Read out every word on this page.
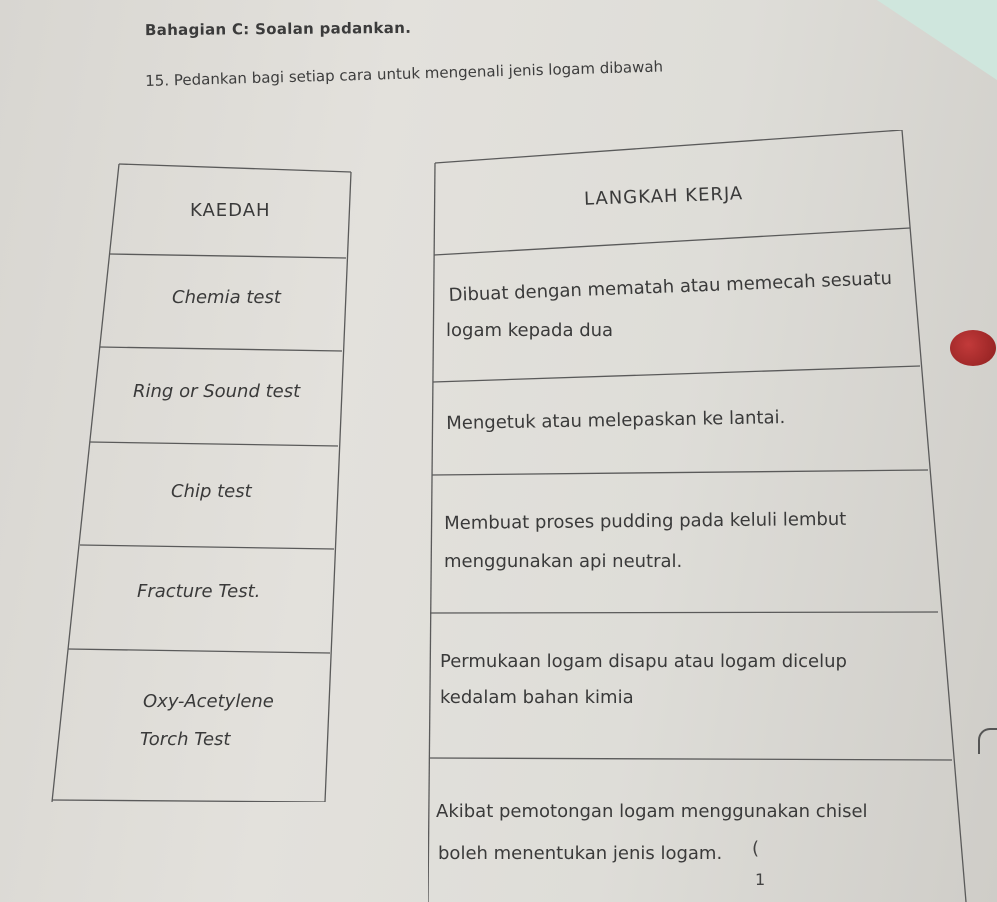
Bahagian C: Soalan padankan.
15. Pedankan bagi setiap cara untuk mengenali jenis logam dibawah
KAEDAH
Chemia test
Ring or Sound test
Chip test
Fracture Test.
Oxy-Acetylene
Torch Test
LANGKAH KERJA
Dibuat dengan mematah atau memecah sesuatu
logam kepada dua
Mengetuk atau melepaskan ke lantai.
Membuat proses pudding pada keluli lembut
menggunakan api neutral.
Permukaan logam disapu atau logam dicelup
kedalam bahan kimia
Akibat pemotongan logam menggunakan chisel
boleh menentukan jenis logam. (
1
